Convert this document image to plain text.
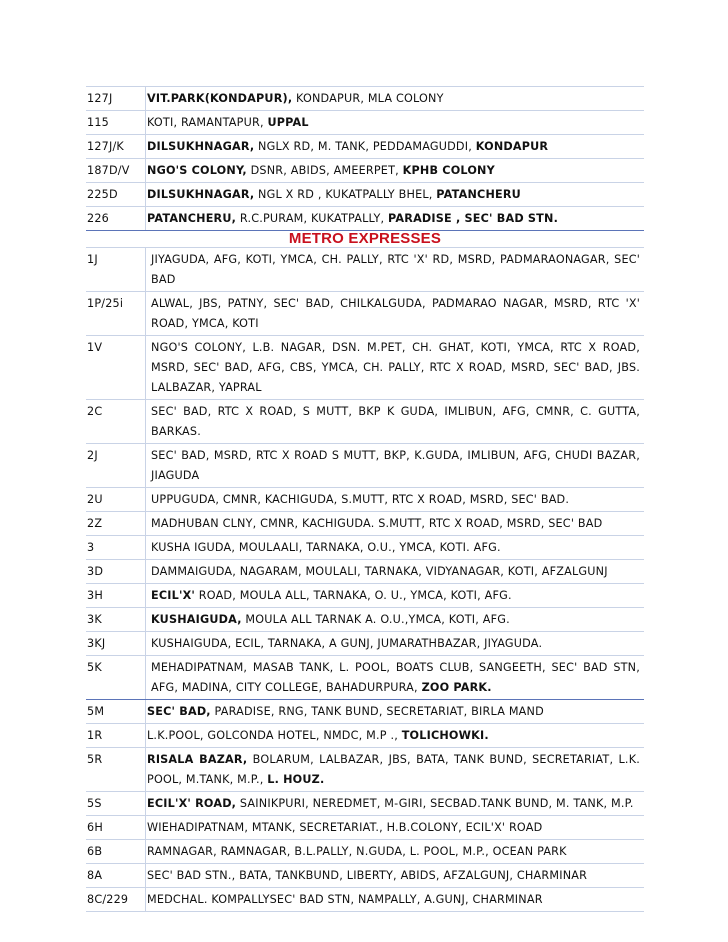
127J	VIT.PARK(KONDAPUR), KONDAPUR, MLA COLONY
115	KOTI, RAMANTAPUR, UPPAL
127J/K	DILSUKHNAGAR, NGLX RD, M. TANK, PEDDAMAGUDDI, KONDAPUR
187D/V	NGO'S COLONY, DSNR, ABIDS, AMEERPET, KPHB COLONY
225D	DILSUKHNAGAR, NGL X RD , KUKATPALLY BHEL, PATANCHERU
226	PATANCHERU, R.C.PURAM, KUKATPALLY, PARADISE , SEC' BAD STN.
METRO EXPRESSES	
1J	JIYAGUDA, AFG, KOTI, YMCA, CH. PALLY, RTC 'X' RD, MSRD, PADMARAONAGAR, SEC' BAD
1P/25i	ALWAL, JBS, PATNY, SEC' BAD, CHILKALGUDA, PADMARAO NAGAR, MSRD, RTC 'X' ROAD, YMCA, KOTI
1V	NGO'S COLONY, L.B. NAGAR, DSN. M.PET, CH. GHAT, KOTI, YMCA, RTC X ROAD, MSRD, SEC' BAD, AFG, CBS, YMCA, CH. PALLY, RTC X ROAD, MSRD, SEC' BAD, JBS. LALBAZAR, YAPRAL
2C	SEC' BAD, RTC X ROAD, S MUTT, BKP K GUDA, IMLIBUN, AFG, CMNR, C. GUTTA, BARKAS.
2J	SEC' BAD, MSRD, RTC X ROAD S MUTT, BKP, K.GUDA, IMLIBUN, AFG, CHUDI BAZAR, JIAGUDA
2U	UPPUGUDA, CMNR, KACHIGUDA, S.MUTT, RTC X ROAD, MSRD, SEC' BAD.
2Z	MADHUBAN CLNY, CMNR, KACHIGUDA. S.MUTT, RTC X ROAD, MSRD, SEC' BAD
3	KUSHA IGUDA, MOULAALI, TARNAKA, O.U., YMCA, KOTI. AFG.
3D	DAMMAIGUDA, NAGARAM, MOULALI, TARNAKA, VIDYANAGAR, KOTI, AFZALGUNJ
3H	ECIL'X' ROAD, MOULA ALL, TARNAKA, O. U., YMCA, KOTI, AFG.
3K	KUSHAIGUDA, MOULA ALL TARNAK A. O.U.,YMCA, KOTI, AFG.
3KJ	KUSHAIGUDA, ECIL, TARNAKA, A GUNJ, JUMARATHBAZAR, JIYAGUDA.
5K	MEHADIPATNAM, MASAB TANK, L. POOL, BOATS CLUB, SANGEETH, SEC' BAD STN, AFG, MADINA, CITY COLLEGE, BAHADURPURA, ZOO PARK.
5M	SEC' BAD, PARADISE, RNG, TANK BUND, SECRETARIAT, BIRLA MAND
1R	L.K.POOL, GOLCONDA HOTEL, NMDC, M.P ., TOLICHOWKI.
5R	RISALA BAZAR, BOLARUM, LALBAZAR, JBS, BATA, TANK BUND, SECRETARIAT, L.K. POOL, M.TANK, M.P., L. HOUZ.
5S	ECIL'X' ROAD, SAINIKPURI, NEREDMET, M-GIRI, SECBAD.TANK BUND, M. TANK, M.P.
6H	WIEHADIPATNAM, MTANK, SECRETARIAT., H.B.COLONY, ECIL'X' ROAD
6B	RAMNAGAR, RAMNAGAR, B.L.PALLY, N.GUDA, L. POOL, M.P., OCEAN PARK
8A	SEC' BAD STN., BATA, TANKBUND, LIBERTY, ABIDS, AFZALGUNJ, CHARMINAR
8C/229	MEDCHAL. KOMPALLYSEC' BAD STN, NAMPALLY, A.GUNJ, CHARMINAR
